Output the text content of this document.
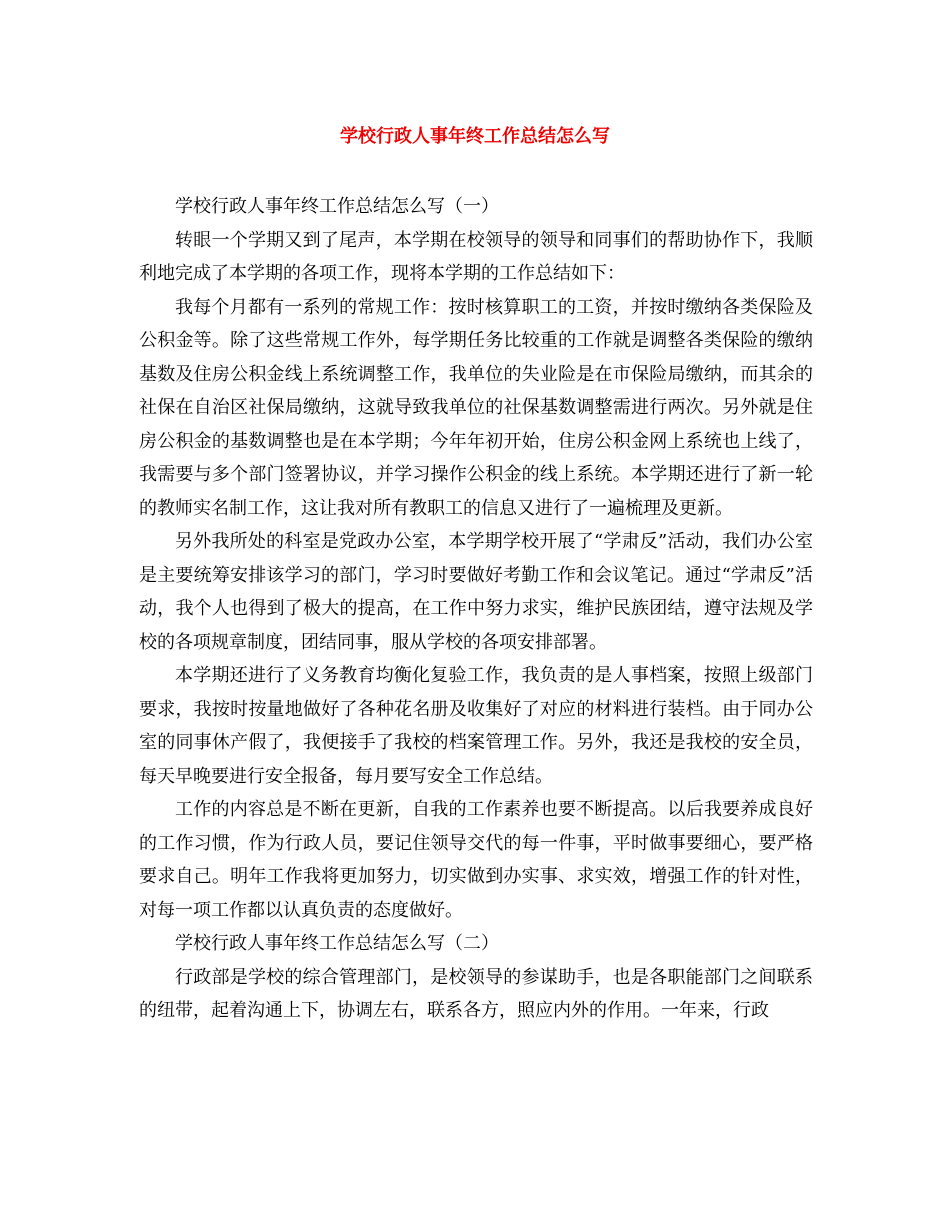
学校行政人事年终工作总结怎么写

学校行政人事年终工作总结怎么写（一）

转眼一个学期又到了尾声，本学期在校领导的领导和同事们的帮助协作下，我顺利地完成了本学期的各项工作，现将本学期的工作总结如下：

我每个月都有一系列的常规工作：按时核算职工的工资，并按时缴纳各类保险及公积金等。除了这些常规工作外，每学期任务比较重的工作就是调整各类保险的缴纳基数及住房公积金线上系统调整工作，我单位的失业险是在市保险局缴纳，而其余的社保在自治区社保局缴纳，这就导致我单位的社保基数调整需进行两次。另外就是住房公积金的基数调整也是在本学期；今年年初开始，住房公积金网上系统也上线了，我需要与多个部门签署协议，并学习操作公积金的线上系统。本学期还进行了新一轮的教师实名制工作，这让我对所有教职工的信息又进行了一遍梳理及更新。

另外我所处的科室是党政办公室，本学期学校开展了“学肃反”活动，我们办公室是主要统筹安排该学习的部门，学习时要做好考勤工作和会议笔记。通过“学肃反”活动，我个人也得到了极大的提高，在工作中努力求实，维护民族团结，遵守法规及学校的各项规章制度，团结同事，服从学校的各项安排部署。

本学期还进行了义务教育均衡化复验工作，我负责的是人事档案，按照上级部门要求，我按时按量地做好了各种花名册及收集好了对应的材料进行装档。由于同办公室的同事休产假了，我便接手了我校的档案管理工作。另外，我还是我校的安全员，每天早晚要进行安全报备，每月要写安全工作总结。

工作的内容总是不断在更新，自我的工作素养也要不断提高。以后我要养成良好的工作习惯，作为行政人员，要记住领导交代的每一件事，平时做事要细心，要严格要求自己。明年工作我将更加努力，切实做到办实事、求实效，增强工作的针对性，对每一项工作都以认真负责的态度做好。

学校行政人事年终工作总结怎么写（二）

行政部是学校的综合管理部门，是校领导的参谋助手，也是各职能部门之间联系的纽带，起着沟通上下，协调左右，联系各方，照应内外的作用。一年来，行政
